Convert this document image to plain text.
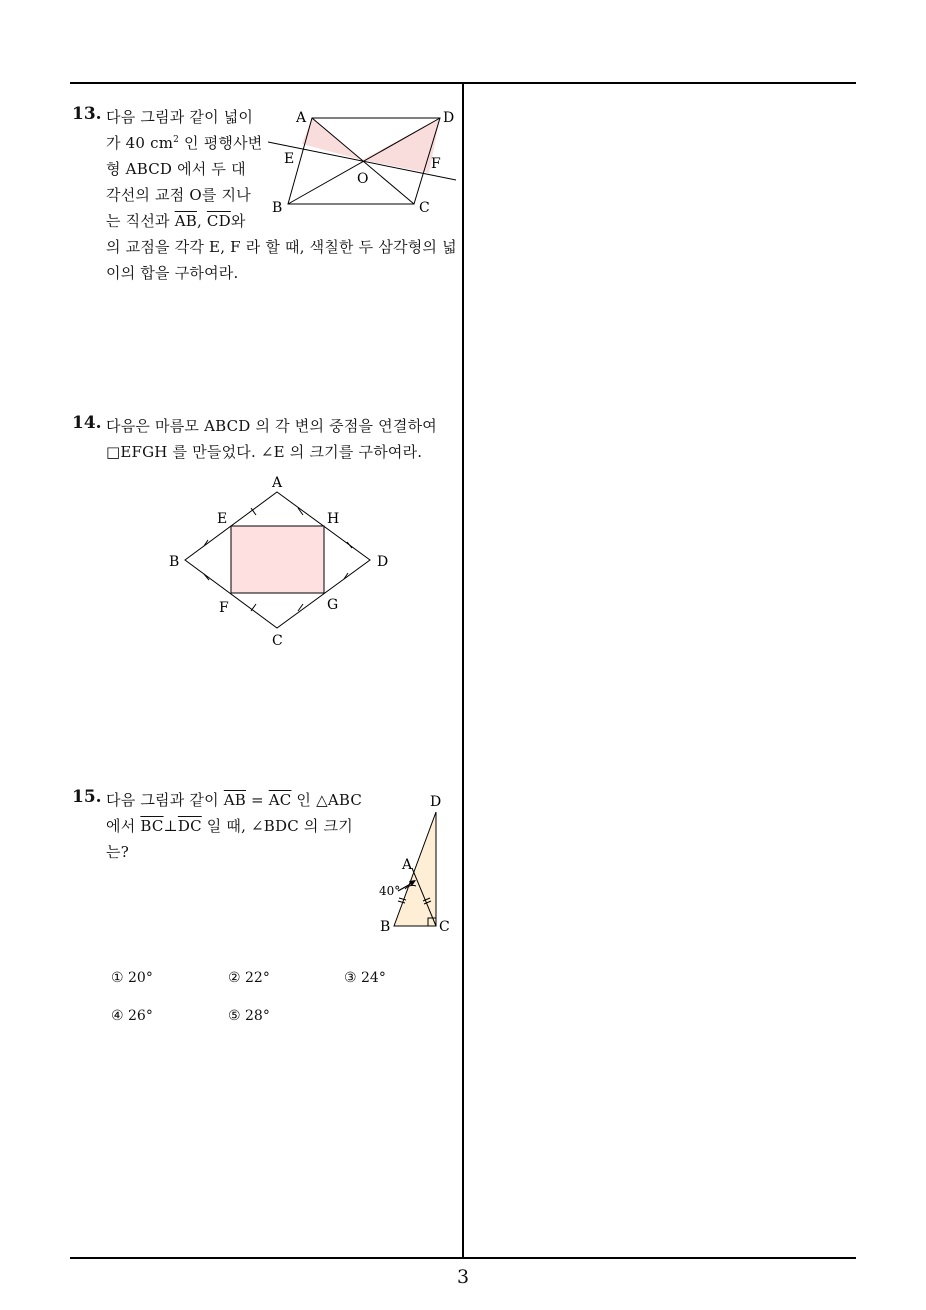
13. 다음 그림과 같이 넓이
가 40 $cm^2$ 인 평행사변
형 ABCD 에서 두 대
각선의 교점 O를 지나
는 직선과 $\overline{AB}$, $\overline{CD}$와
의 교점을 각각 E, F 라 할 때, 색칠한 두 삼각형의 넓
이의 합을 구하여라.
A	D
E	F
O
B	C
14. 다음은 마름모 ABCD 의 각 변의 중점을 연결하여
□EFGH 를 만들었다. ∠E 의 크기를 구하여라.
A
E	H
B	D
F	G
C
15. 다음 그림과 같이 $\overline{AB} = \overline{AC}$ 인 △ABC
에서 $\overline{BC}\perp\overline{DC}$ 일 때, ∠BDC 의 크기
는?
D
A
40°
B	C
① 20°	② 22°	③ 24°
④ 26°	⑤ 28°
3
